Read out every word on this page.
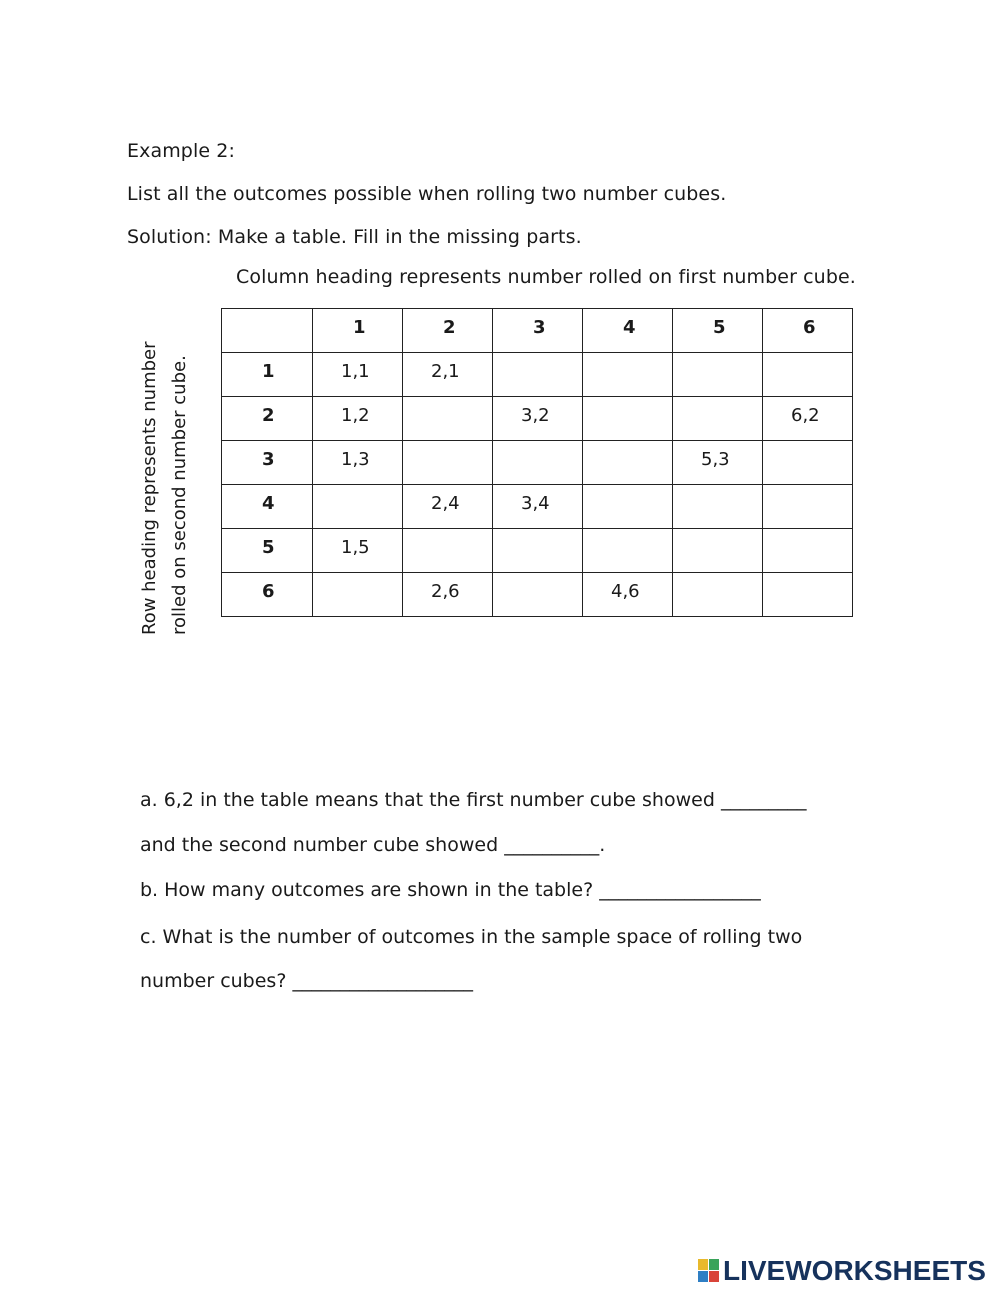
Example 2:
List all the outcomes possible when rolling two number cubes.
Solution: Make a table. Fill in the missing parts.
Column heading represents number rolled on first number cube.
Row heading represents number rolled on second number cube.
	1	2	3	4	5	6
1	1,1	2,1				
2	1,2		3,2			6,2
3	1,3				5,3	
4		2,4	3,4			
5	1,5					
6		2,6		4,6		
a. 6,2 in the table means that the first number cube showed _________
and the second number cube showed __________.
b. How many outcomes are shown in the table? _________________
c. What is the number of outcomes in the sample space of rolling two
number cubes? ___________________
LIVEWORKSHEETS
